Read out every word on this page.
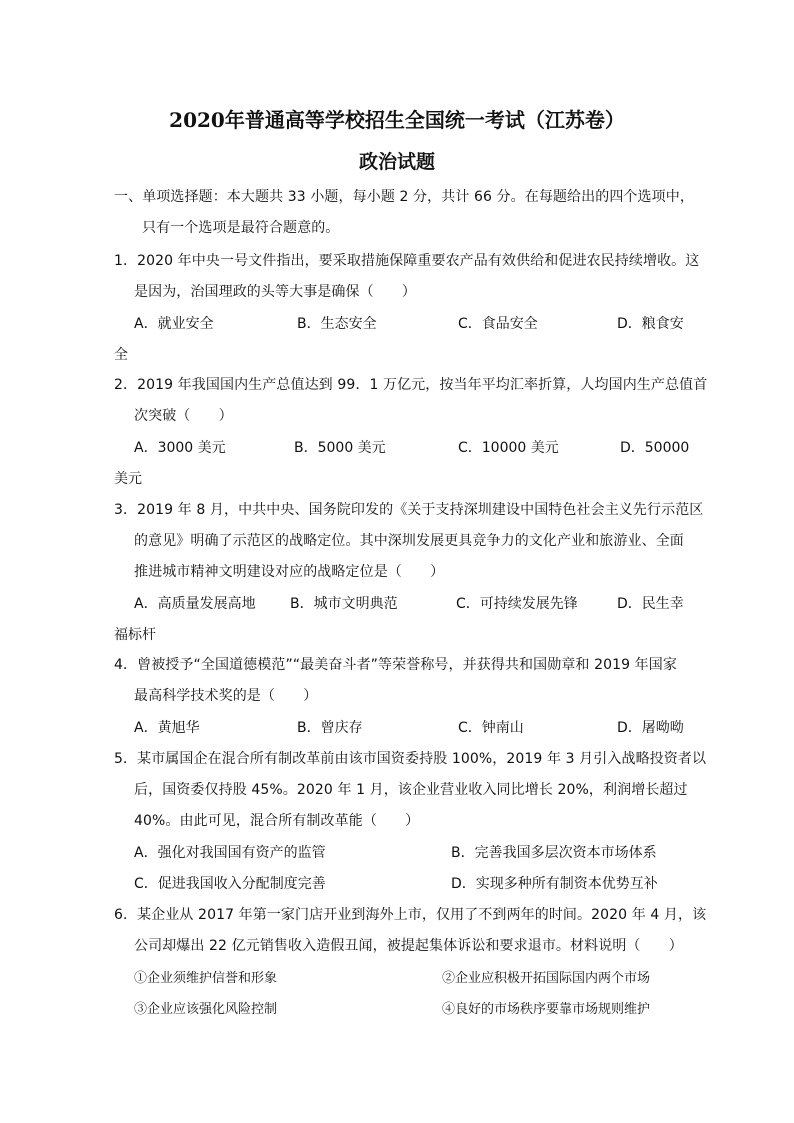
2020年普通高等学校招生全国统一考试（江苏卷）
政治试题
一、单项选择题：本大题共 33 小题，每小题 2 分，共计 66 分。在每题给出的四个选项中，
只有一个选项是最符合题意的。
1．2020 年中央一号文件指出，要采取措施保障重要农产品有效供给和促进农民持续增收。这
是因为，治国理政的头等大事是确保（　　）
A．就业安全	B．生态安全	C．食品安全	D．粮食安
全
2．2019 年我国国内生产总值达到 99．1 万亿元，按当年平均汇率折算，人均国内生产总值首
次突破（　　）
A．3000 美元	B．5000 美元	C．10000 美元	D．50000
美元
3．2019 年 8 月，中共中央、国务院印发的《关于支持深圳建设中国特色社会主义先行示范区
的意见》明确了示范区的战略定位。其中深圳发展更具竞争力的文化产业和旅游业、全面
推进城市精神文明建设对应的战略定位是（　　）
A．高质量发展高地 B．城市文明典范	C．可持续发展先锋	D．民生幸
福标杆
4．曾被授予“全国道德模范”“最美奋斗者”等荣誉称号，并获得共和国勋章和 2019 年国家
最高科学技术奖的是（　　）
A．黄旭华	B．曾庆存	C．钟南山	D．屠呦呦
5．某市属国企在混合所有制改革前由该市国资委持股 100%，2019 年 3 月引入战略投资者以
后，国资委仅持股 45%。2020 年 1 月，该企业营业收入同比增长 20%，利润增长超过
40%。由此可见，混合所有制改革能（　　）
A．强化对我国国有资产的监管	B．完善我国多层次资本市场体系
C．促进我国收入分配制度完善	D．实现多种所有制资本优势互补
6．某企业从 2017 年第一家门店开业到海外上市，仅用了不到两年的时间。2020 年 4 月，该
公司却爆出 22 亿元销售收入造假丑闻，被提起集体诉讼和要求退市。材料说明（　　）
①企业须维护信誉和形象	②企业应积极开拓国际国内两个市场
③企业应该强化风险控制	④良好的市场秩序要靠市场规则维护
